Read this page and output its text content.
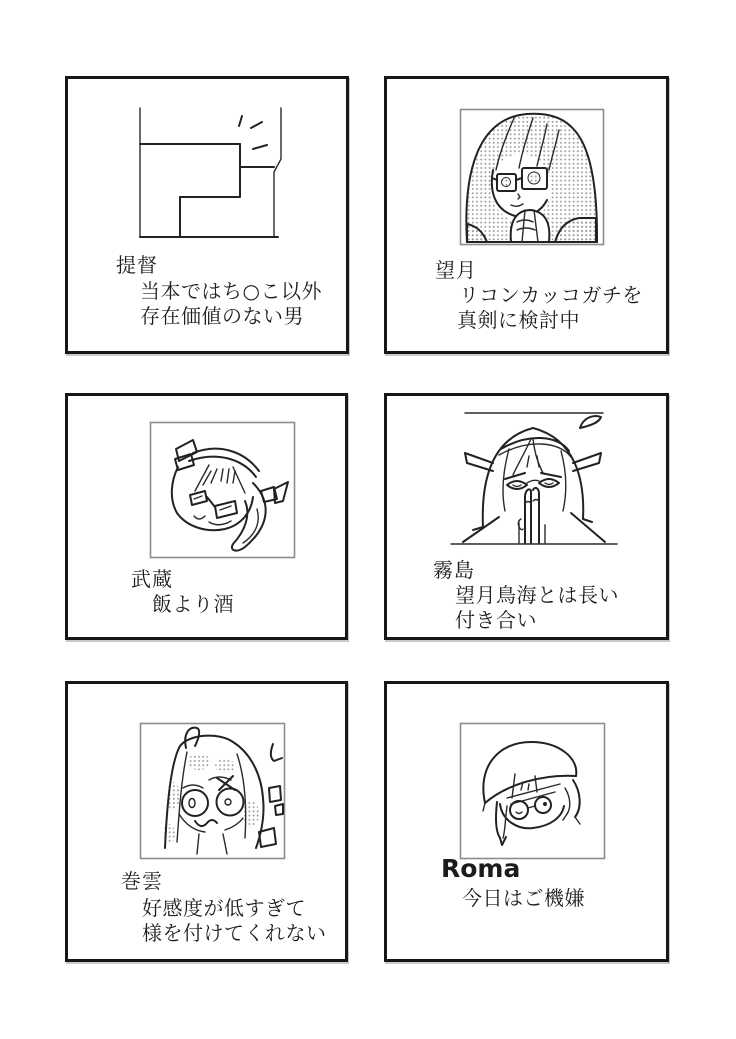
提督
当本ではち○こ以外
存在価値のない男
望月
リコンカッコガチを
真剣に検討中
武蔵
飯より酒
霧島
望月鳥海とは長い
付き合い
巻雲
好感度が低すぎて
様を付けてくれない
Roma
今日はご機嫌
